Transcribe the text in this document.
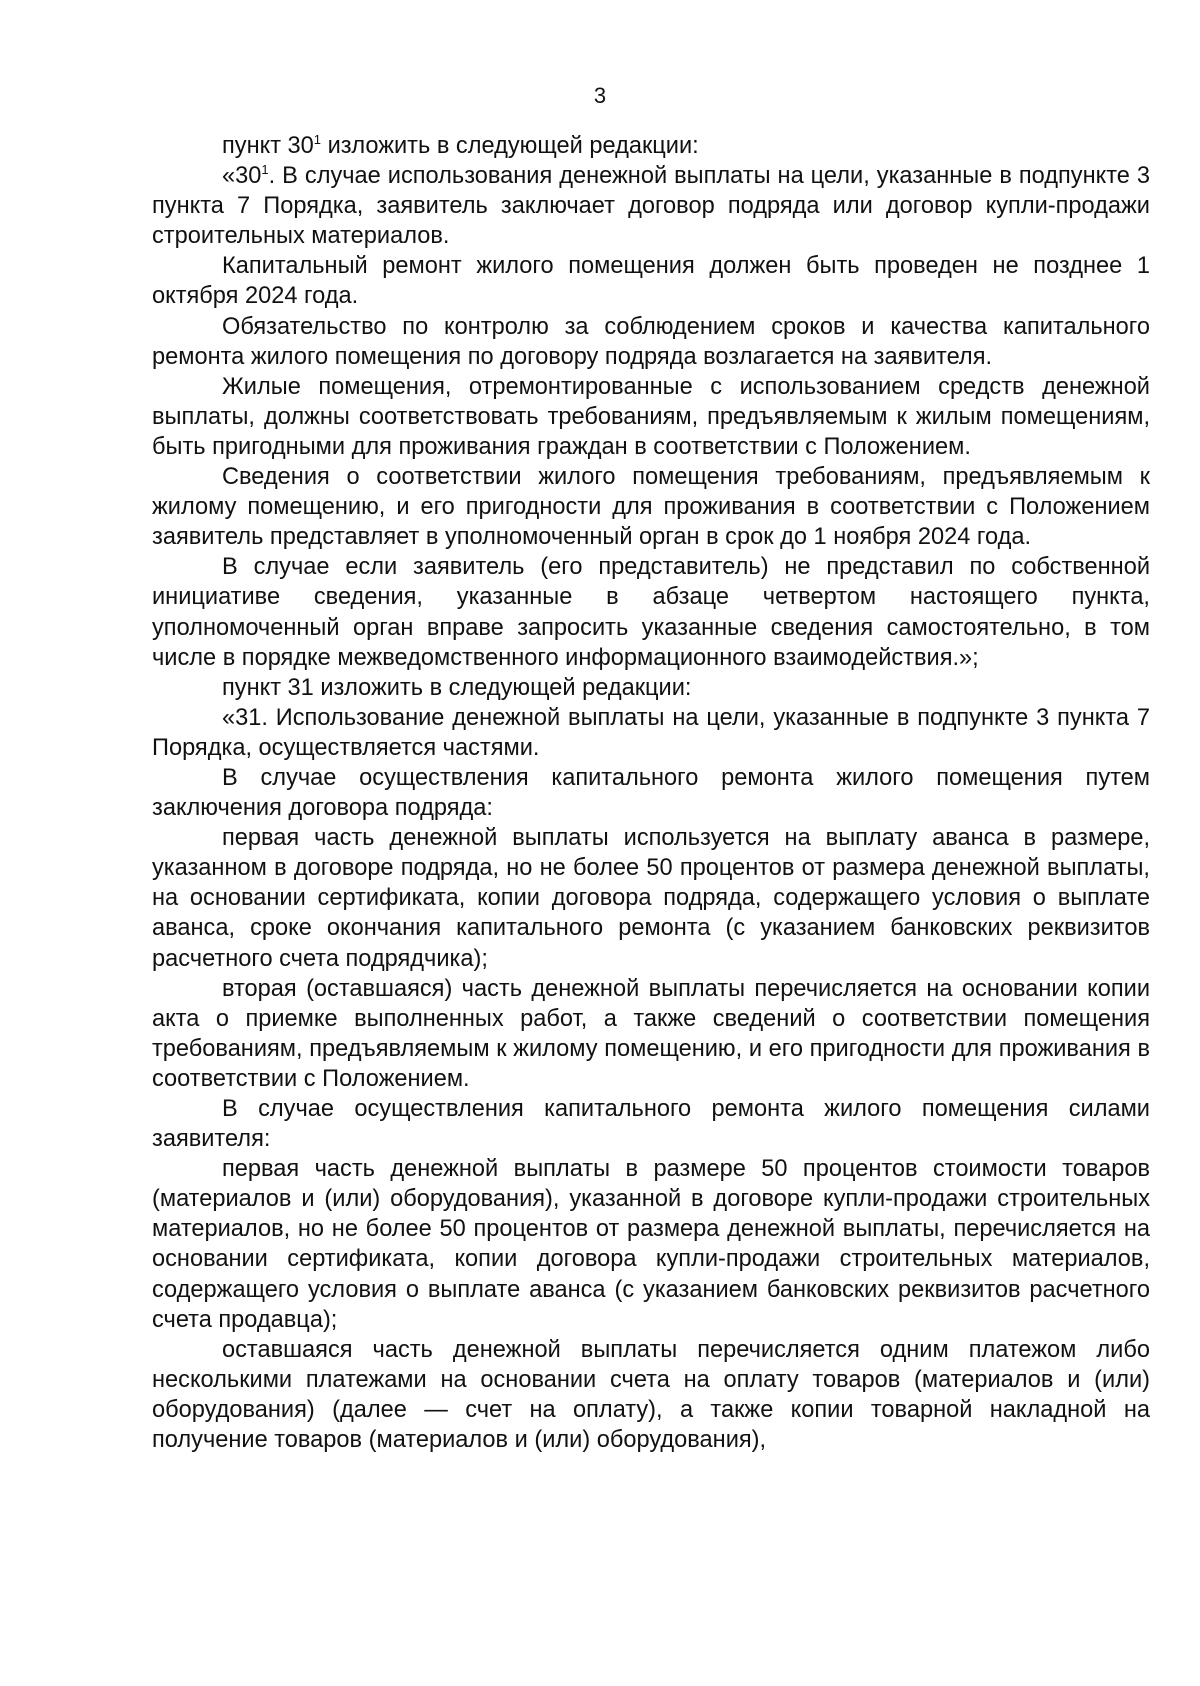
3

пункт $30^1$ изложить в следующей редакции:

«$30^1$. В случае использования денежной выплаты на цели, указанные в подпункте 3 пункта 7 Порядка, заявитель заключает договор подряда или договор купли-продажи строительных материалов.

Капитальный ремонт жилого помещения должен быть проведен не позднее 1 октября 2024 года.

Обязательство по контролю за соблюдением сроков и качества капитального ремонта жилого помещения по договору подряда возлагается на заявителя.

Жилые помещения, отремонтированные с использованием средств денежной выплаты, должны соответствовать требованиям, предъявляемым к жилым помещениям, быть пригодными для проживания граждан в соответствии с Положением.

Сведения о соответствии жилого помещения требованиям, предъявляемым к жилому помещению, и его пригодности для проживания в соответствии с Положением заявитель представляет в уполномоченный орган в срок до 1 ноября 2024 года.

В случае если заявитель (его представитель) не представил по собственной инициативе сведения, указанные в абзаце четвертом настоящего пункта, уполномоченный орган вправе запросить указанные сведения самостоятельно, в том числе в порядке межведомственного информационного взаимодействия.»;

пункт 31 изложить в следующей редакции:

«31. Использование денежной выплаты на цели, указанные в подпункте 3 пункта 7 Порядка, осуществляется частями.

В случае осуществления капитального ремонта жилого помещения путем заключения договора подряда:

первая часть денежной выплаты используется на выплату аванса в размере, указанном в договоре подряда, но не более 50 процентов от размера денежной выплаты, на основании сертификата, копии договора подряда, содержащего условия о выплате аванса, сроке окончания капитального ремонта (с указанием банковских реквизитов расчетного счета подрядчика);

вторая (оставшаяся) часть денежной выплаты перечисляется на основании копии акта о приемке выполненных работ, а также сведений о соответствии помещения требованиям, предъявляемым к жилому помещению, и его пригодности для проживания в соответствии с Положением.

В случае осуществления капитального ремонта жилого помещения силами заявителя:

первая часть денежной выплаты в размере 50 процентов стоимости товаров (материалов и (или) оборудования), указанной в договоре купли-продажи строительных материалов, но не более 50 процентов от размера денежной выплаты, перечисляется на основании сертификата, копии договора купли-продажи строительных материалов, содержащего условия о выплате аванса (с указанием банковских реквизитов расчетного счета продавца);

оставшаяся часть денежной выплаты перечисляется одним платежом либо несколькими платежами на основании счета на оплату товаров (материалов и (или) оборудования) (далее — счет на оплату), а также копии товарной накладной на получение товаров (материалов и (или) оборудования),
